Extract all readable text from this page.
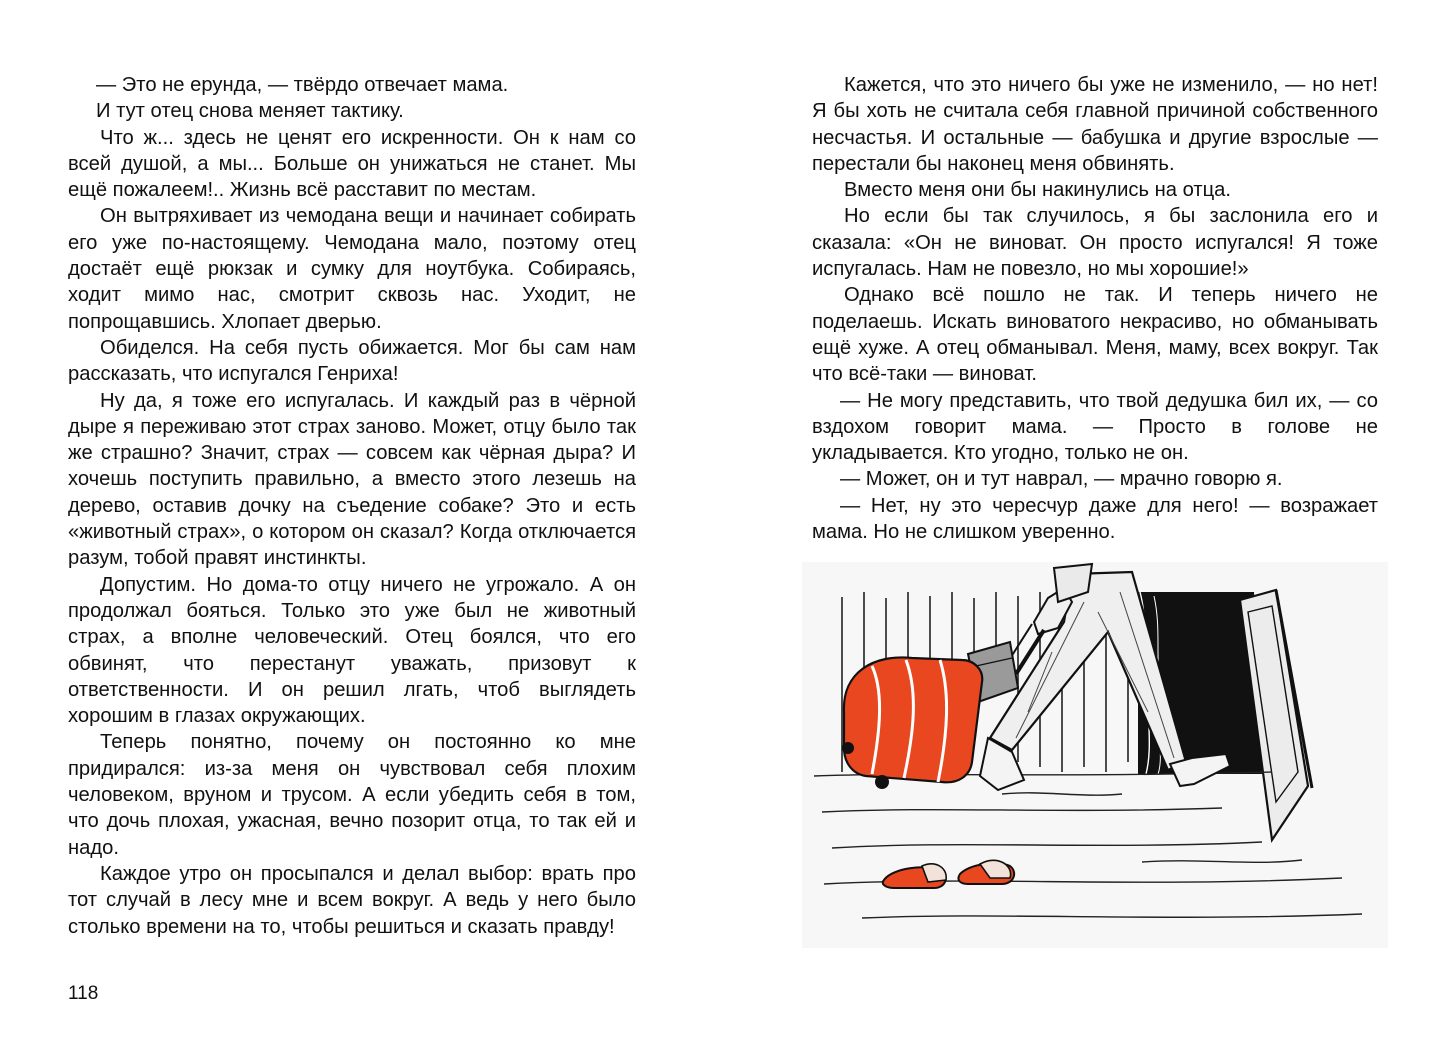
— Это не ерунда, — твёрдо отвечает мама.

И тут отец снова меняет тактику.

Что ж... здесь не ценят его искренности. Он к нам со всей душой, а мы... Больше он унижаться не станет. Мы ещё пожалеем!.. Жизнь всё расставит по местам.

Он вытряхивает из чемодана вещи и начинает собирать его уже по-настоящему. Чемодана мало, поэтому отец достаёт ещё рюкзак и сумку для ноутбука. Собираясь, ходит мимо нас, смотрит сквозь нас. Уходит, не попрощавшись. Хлопает дверью.

Обиделся. На себя пусть обижается. Мог бы сам нам рассказать, что испугался Генриха!

Ну да, я тоже его испугалась. И каждый раз в чёрной дыре я переживаю этот страх заново. Может, отцу было так же страшно? Значит, страх — совсем как чёрная дыра? И хочешь поступить правильно, а вместо этого лезешь на дерево, оставив дочку на съедение собаке? Это и есть «животный страх», о котором он сказал? Когда отключается разум, тобой правят инстинкты.

Допустим. Но дома-то отцу ничего не угрожало. А он продолжал бояться. Только это уже был не животный страх, а вполне человеческий. Отец боялся, что его обвинят, что перестанут уважать, призовут к ответственности. И он решил лгать, чтоб выглядеть хорошим в глазах окружающих.

Теперь понятно, почему он постоянно ко мне придирался: из-за меня он чувствовал себя плохим человеком, вруном и трусом. А если убедить себя в том, что дочь плохая, ужасная, вечно позорит отца, то так ей и надо.

Каждое утро он просыпался и делал выбор: врать про тот случай в лесу мне и всем вокруг. А ведь у него было столько времени на то, чтобы решиться и сказать правду!

Кажется, что это ничего бы уже не изменило, — но нет! Я бы хоть не считала себя главной причиной собственного несчастья. И остальные — бабушка и другие взрослые — перестали бы наконец меня обвинять.

Вместо меня они бы накинулись на отца.

Но если бы так случилось, я бы заслонила его и сказала: «Он не виноват. Он просто испугался! Я тоже испугалась. Нам не повезло, но мы хорошие!»

Однако всё пошло не так. И теперь ничего не поделаешь. Искать виноватого некрасиво, но обманывать ещё хуже. А отец обманывал. Меня, маму, всех вокруг. Так что всё-таки — виноват.

— Не могу представить, что твой дедушка бил их, — со вздохом говорит мама. — Просто в голове не укладывается. Кто угодно, только не он.

— Может, он и тут наврал, — мрачно говорю я.

— Нет, ну это чересчур даже для него! — возражает мама. Но не слишком уверенно.

118
